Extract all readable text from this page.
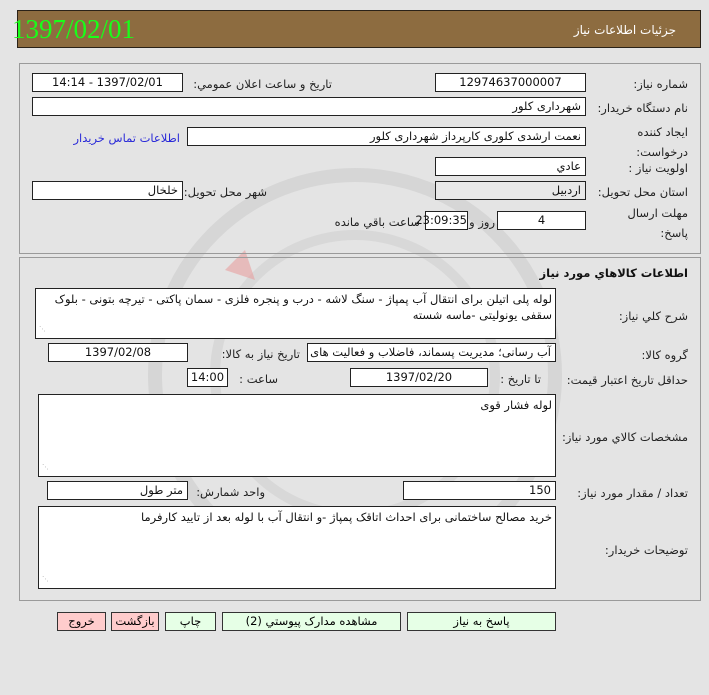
جزئيات اطلاعات نياز
1397/02/01
شماره نیاز:
12974637000007
تاریخ و ساعت اعلان عمومي:
1397/02/01 - 14:14
نام دستگاه خریدار:
شهرداری کلور
ایجاد کننده
درخواست:
نعمت ارشدی کلوری کارپرداز شهرداری کلور
اطلاعات تماس خریدار
اولویت نیاز :
عادي
استان محل تحویل:
اردبیل
شهر محل تحویل:
خلخال
مهلت ارسال
پاسخ:
4
روز و
23:09:35
ساعت باقي مانده
اطلاعات كالاهاي مورد نياز
شرح کلي نياز:
لوله پلی اتیلن برای انتقال آب پمپاژ - سنگ لاشه - درب و پنجره فلزی - سمان پاکتی - تیرچه بتونی - بلوک سقفی یونولیتی -ماسه شسته
⋰
گروه کالا:
آب رسانی؛ مدیریت پسماند، فاضلاب و فعالیت های
تاریخ نیاز به کالا:
1397/02/08
حداقل تاریخ اعتبار قیمت:
تا تاریخ :
1397/02/20
ساعت :
14:00
مشخصات كالاي مورد نياز:
لوله فشار قوی
⋰
تعداد / مقدار مورد نیاز:
150
واحد شمارش:
متر طول
توضیحات خریدار:
خرید مصالح ساختمانی برای احداث اتاقک پمپاژ -و انتقال آب با لوله بعد از تایید کارفرما
⋰
پاسخ به نیاز
مشاهده مدارک پیوستي (2)
چاپ
بازگشت
خروج
